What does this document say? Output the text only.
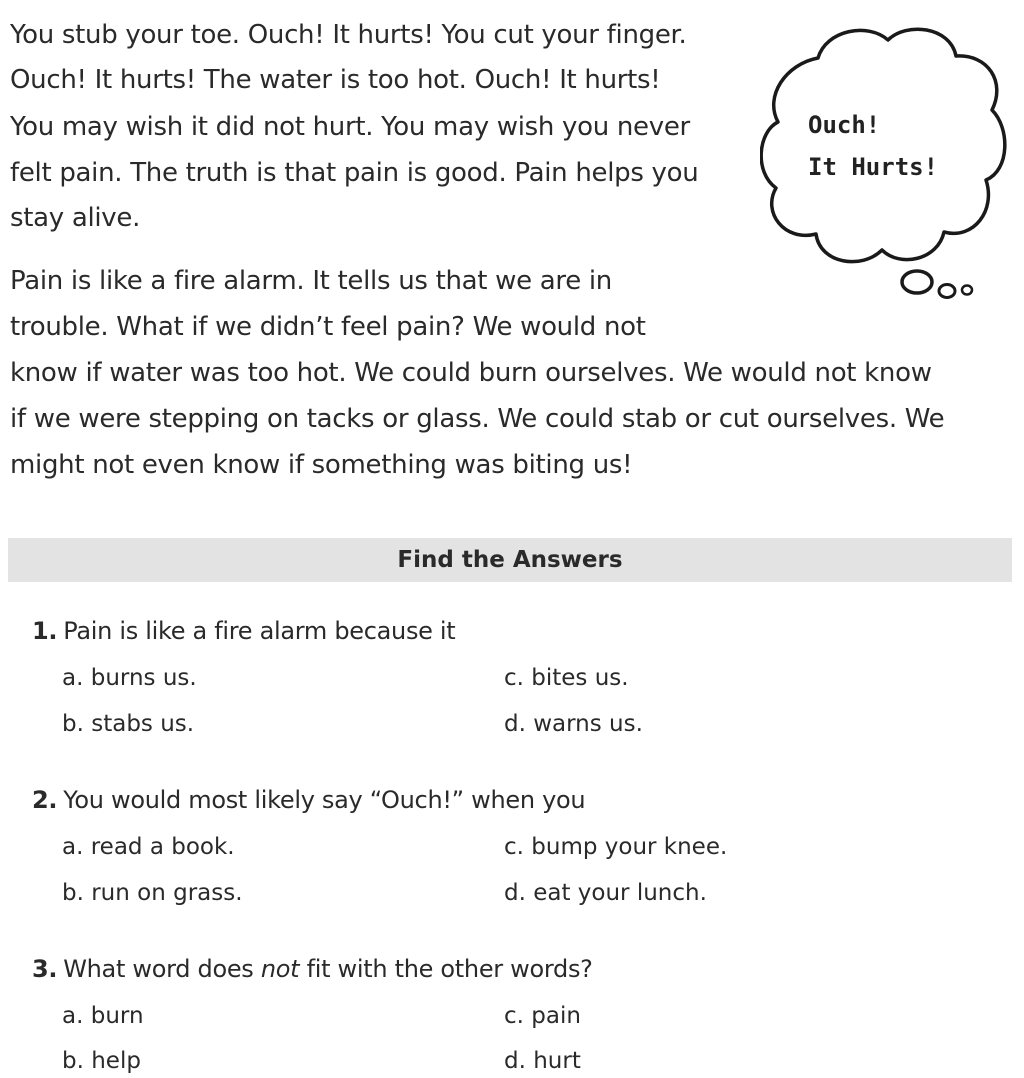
You stub your toe. Ouch! It hurts! You cut your finger.
Ouch! It hurts! The water is too hot. Ouch! It hurts!
You may wish it did not hurt. You may wish you never
felt pain. The truth is that pain is good. Pain helps you
stay alive.
Pain is like a fire alarm. It tells us that we are in
trouble. What if we didn’t feel pain? We would not
know if water was too hot. We could burn ourselves. We would not know
if we were stepping on tacks or glass. We could stab or cut ourselves. We
might not even know if something was biting us!
Ouch!
It Hurts!
Find the Answers
1. Pain is like a fire alarm because it
a. burns us.	c. bites us.
b. stabs us.	d. warns us.
2. You would most likely say “Ouch!” when you
a. read a book.	c. bump your knee.
b. run on grass.	d. eat your lunch.
3. What word does not fit with the other words?
a. burn	c. pain
b. help	d. hurt
